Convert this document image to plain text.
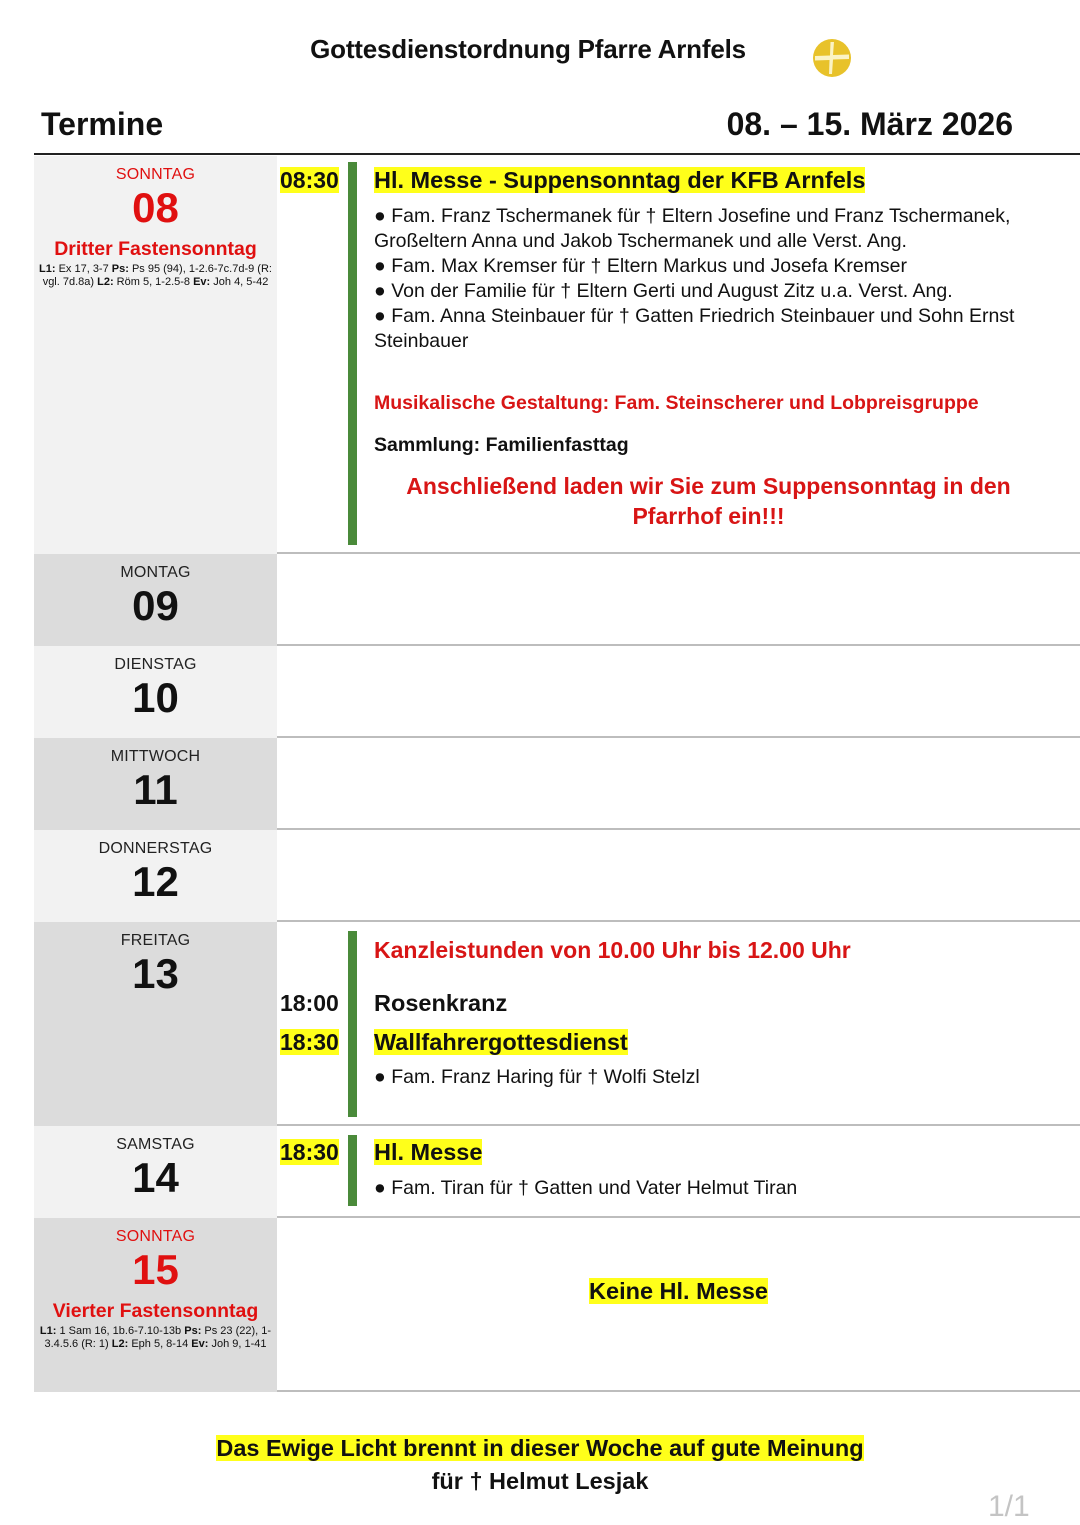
Gottesdienstordnung Pfarre Arnfels
Termine	08. – 15. März 2026
SONNTAG
08
Dritter Fastensonntag
L1: Ex 17, 3-7 Ps: Ps 95 (94), 1-2.6-7c.7d-9 (R: vgl. 7d.8a) L2: Röm 5, 1-2.5-8 Ev: Joh 4, 5-42
08:30 Hl. Messe - Suppensonntag der KFB Arnfels
● Fam. Franz Tschermanek für † Eltern Josefine und Franz Tschermanek, Großeltern Anna und Jakob Tschermanek und alle Verst. Ang.
● Fam. Max Kremser für † Eltern Markus und Josefa Kremser
● Von der Familie für † Eltern Gerti und August Zitz u.a. Verst. Ang.
● Fam. Anna Steinbauer für † Gatten Friedrich Steinbauer und Sohn Ernst Steinbauer
Musikalische Gestaltung: Fam. Steinscherer und Lobpreisgruppe
Sammlung: Familienfasttag
Anschließend laden wir Sie zum Suppensonntag in den Pfarrhof ein!!!
MONTAG
09
DIENSTAG
10
MITTWOCH
11
DONNERSTAG
12
FREITAG
13	Kanzleistunden von 10.00 Uhr bis 12.00 Uhr
18:00 Rosenkranz
18:30 Wallfahrergottesdienst
● Fam. Franz Haring für † Wolfi Stelzl
SAMSTAG
14
18:30 Hl. Messe
● Fam. Tiran für † Gatten und Vater Helmut Tiran
SONNTAG
15
Vierter Fastensonntag
L1: 1 Sam 16, 1b.6-7.10-13b Ps: Ps 23 (22), 1-3.4.5.6 (R: 1) L2: Eph 5, 8-14 Ev: Joh 9, 1-41
Keine Hl. Messe
Das Ewige Licht brennt in dieser Woche auf gute Meinung
für † Helmut Lesjak
1/1
